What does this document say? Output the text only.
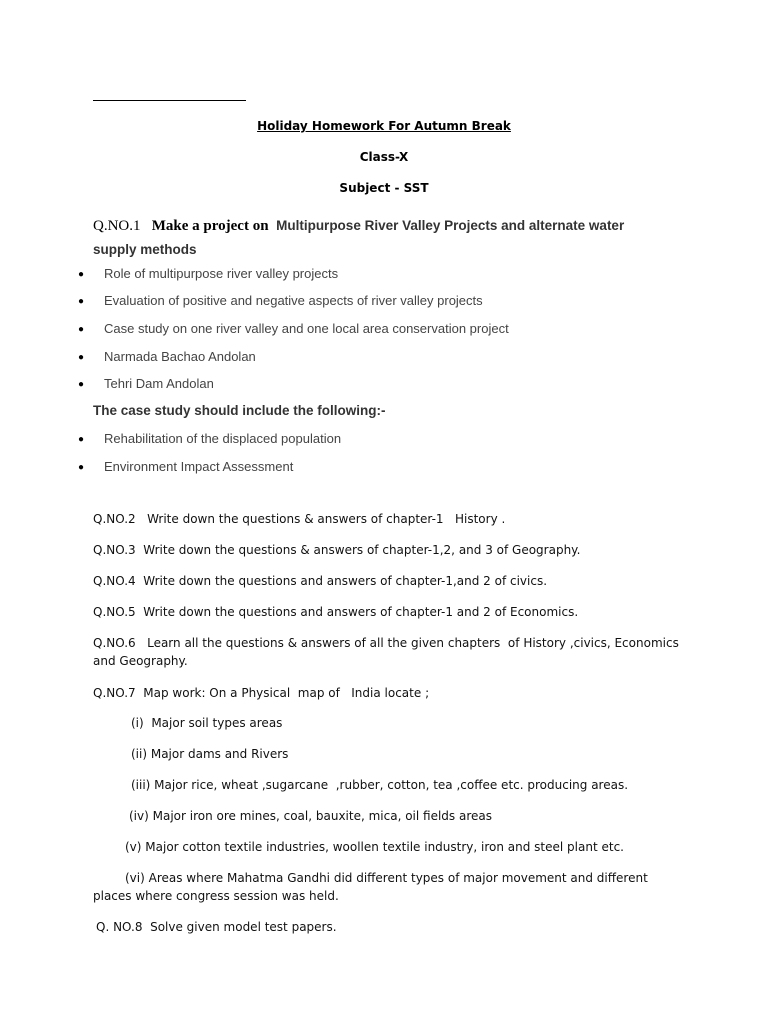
Holiday Homework For Autumn Break
Class-X
Subject - SST
Q.NO.1 Make a project on Multipurpose River Valley Projects and alternate water supply methods
● Role of multipurpose river valley projects
● Evaluation of positive and negative aspects of river valley projects
● Case study on one river valley and one local area conservation project
● Narmada Bachao Andolan
● Tehri Dam Andolan
The case study should include the following:-
● Rehabilitation of the displaced population
● Environment Impact Assessment
Q.NO.2   Write down the questions & answers of chapter-1   History .
Q.NO.3  Write down the questions & answers of chapter-1,2, and 3 of Geography.
Q.NO.4  Write down the questions and answers of chapter-1,and 2 of civics.
Q.NO.5  Write down the questions and answers of chapter-1 and 2 of Economics.
Q.NO.6   Learn all the questions & answers of all the given chapters  of History ,civics, Economics and Geography.
Q.NO.7  Map work: On a Physical  map of   India locate ;
(i)  Major soil types areas
(ii) Major dams and Rivers
(iii) Major rice, wheat ,sugarcane  ,rubber, cotton, tea ,coffee etc. producing areas.
(iv) Major iron ore mines, coal, bauxite, mica, oil fields areas
(v) Major cotton textile industries, woollen textile industry, iron and steel plant etc.
(vi) Areas where Mahatma Gandhi did different types of major movement and different places where congress session was held.
Q. NO.8  Solve given model test papers.
